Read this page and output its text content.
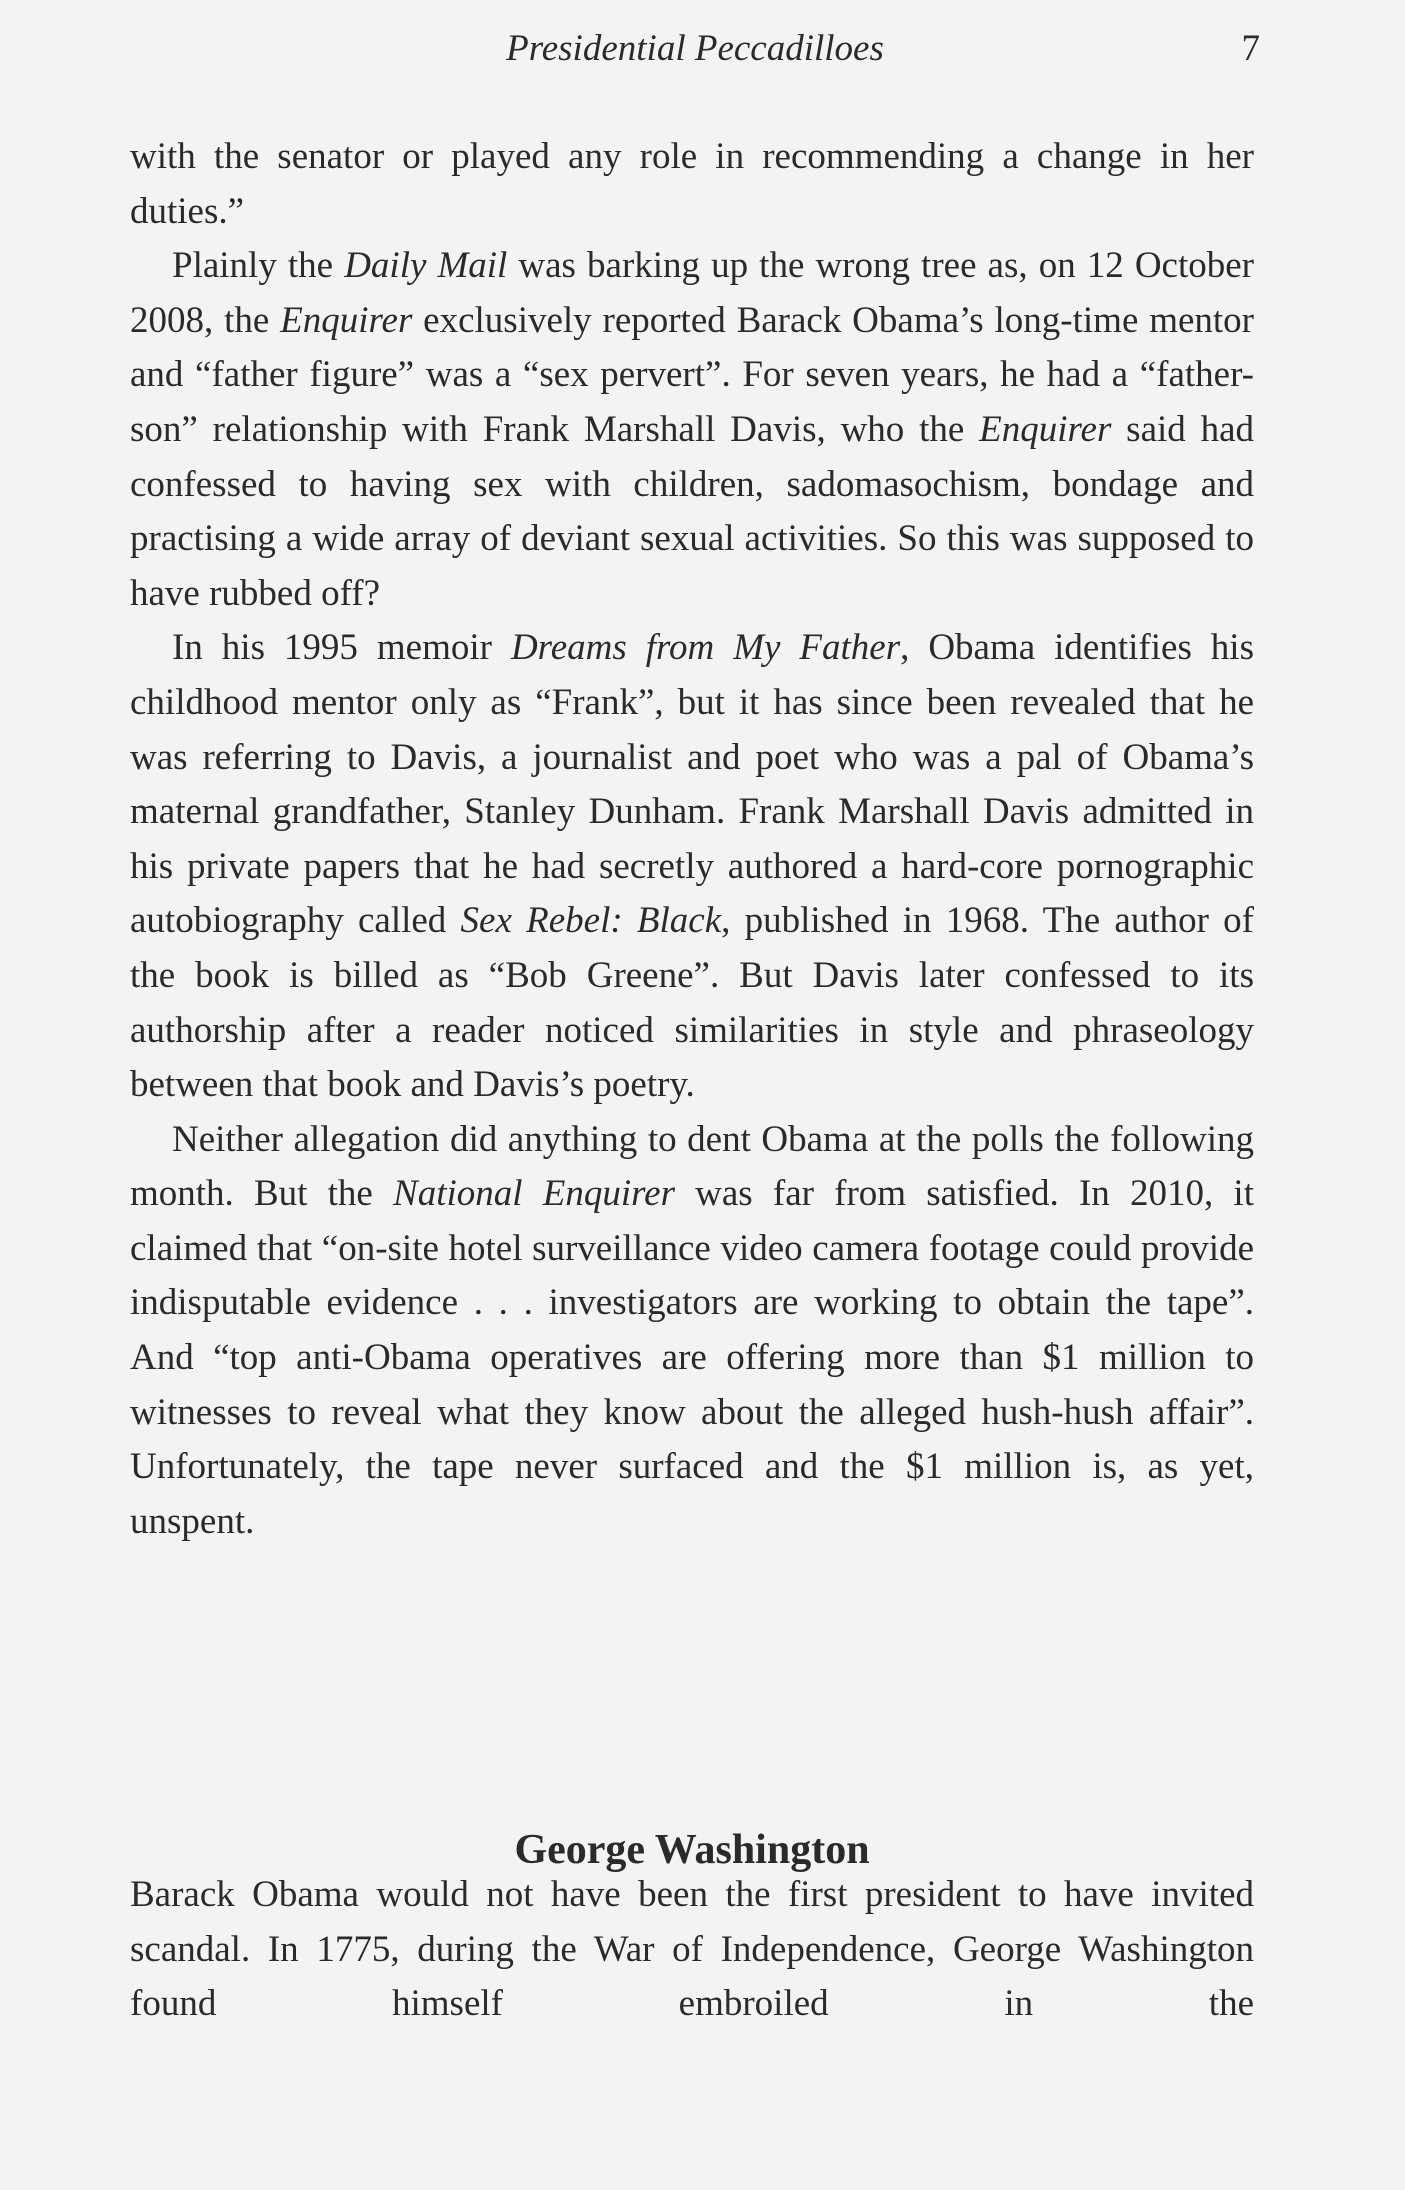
Presidential Peccadilloes	7

with the senator or played any role in recommending a change in her duties.”

Plainly the Daily Mail was barking up the wrong tree as, on 12 October 2008, the Enquirer exclusively reported Barack Obama’s long-time mentor and “father figure” was a “sex pervert”. For seven years, he had a “father-son” relationship with Frank Marshall Davis, who the Enquirer said had confessed to having sex with children, sadomasochism, bondage and practising a wide array of deviant sexual activities. So this was supposed to have rubbed off?

In his 1995 memoir Dreams from My Father, Obama identifies his childhood mentor only as “Frank”, but it has since been revealed that he was referring to Davis, a journalist and poet who was a pal of Obama’s maternal grandfather, Stanley Dunham. Frank Marshall Davis admitted in his private papers that he had secretly authored a hard-core pornographic autobiography called Sex Rebel: Black, published in 1968. The author of the book is billed as “Bob Greene”. But Davis later confessed to its authorship after a reader noticed similarities in style and phraseology between that book and Davis’s poetry.

Neither allegation did anything to dent Obama at the polls the following month. But the National Enquirer was far from satisfied. In 2010, it claimed that “on-site hotel surveillance video camera footage could provide indisputable evidence . . . investigators are working to obtain the tape”. And “top anti-Obama operatives are offering more than $1 million to witnesses to reveal what they know about the alleged hush-hush affair”. Unfortunately, the tape never surfaced and the $1 million is, as yet, unspent.

George Washington

Barack Obama would not have been the first president to have invited scandal. In 1775, during the War of Independence, George Washington found himself embroiled in the
